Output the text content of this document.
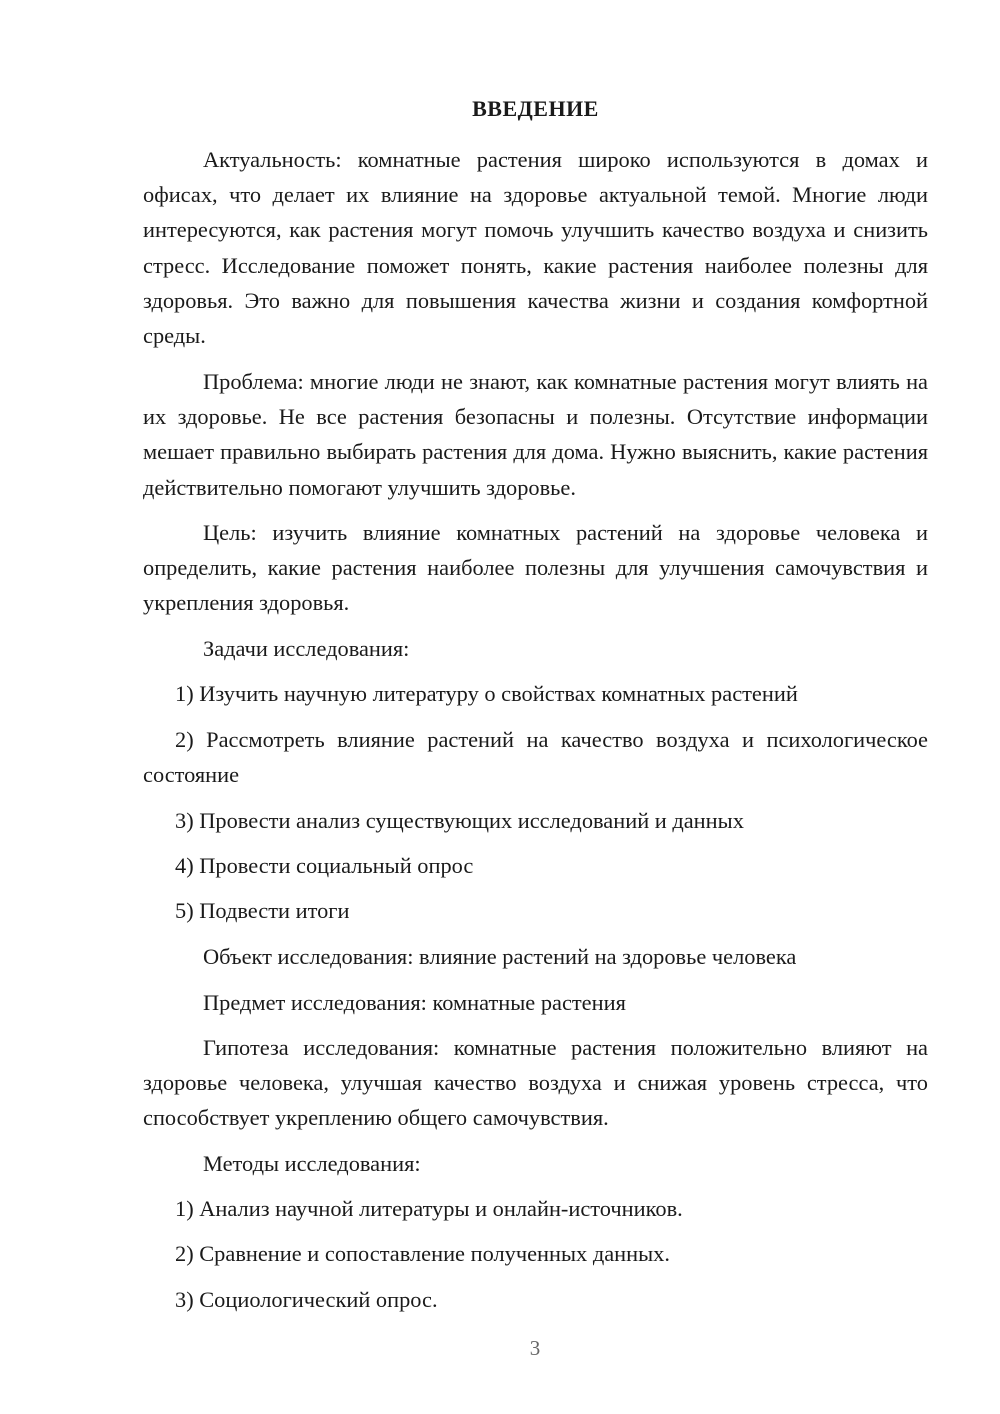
ВВЕДЕНИЕ

Актуальность: комнатные растения широко используются в домах и офисах, что делает их влияние на здоровье актуальной темой. Многие люди интересуются, как растения могут помочь улучшить качество воздуха и снизить стресс. Исследование поможет понять, какие растения наиболее полезны для здоровья. Это важно для повышения качества жизни и создания комфортной среды.

Проблема: многие люди не знают, как комнатные растения могут влиять на их здоровье. Не все растения безопасны и полезны. Отсутствие информации мешает правильно выбирать растения для дома. Нужно выяснить, какие растения действительно помогают улучшить здоровье.

Цель: изучить влияние комнатных растений на здоровье человека и определить, какие растения наиболее полезны для улучшения самочувствия и укрепления здоровья.

Задачи исследования:

1) Изучить научную литературу о свойствах комнатных растений

2) Рассмотреть влияние растений на качество воздуха и психологическое состояние

3) Провести анализ существующих исследований и данных

4) Провести социальный опрос

5) Подвести итоги

Объект исследования: влияние растений на здоровье человека

Предмет исследования: комнатные растения

Гипотеза исследования: комнатные растения положительно влияют на здоровье человека, улучшая качество воздуха и снижая уровень стресса, что способствует укреплению общего самочувствия.

Методы исследования:

1) Анализ научной литературы и онлайн-источников.

2) Сравнение и сопоставление полученных данных.

3) Социологический опрос.

3
